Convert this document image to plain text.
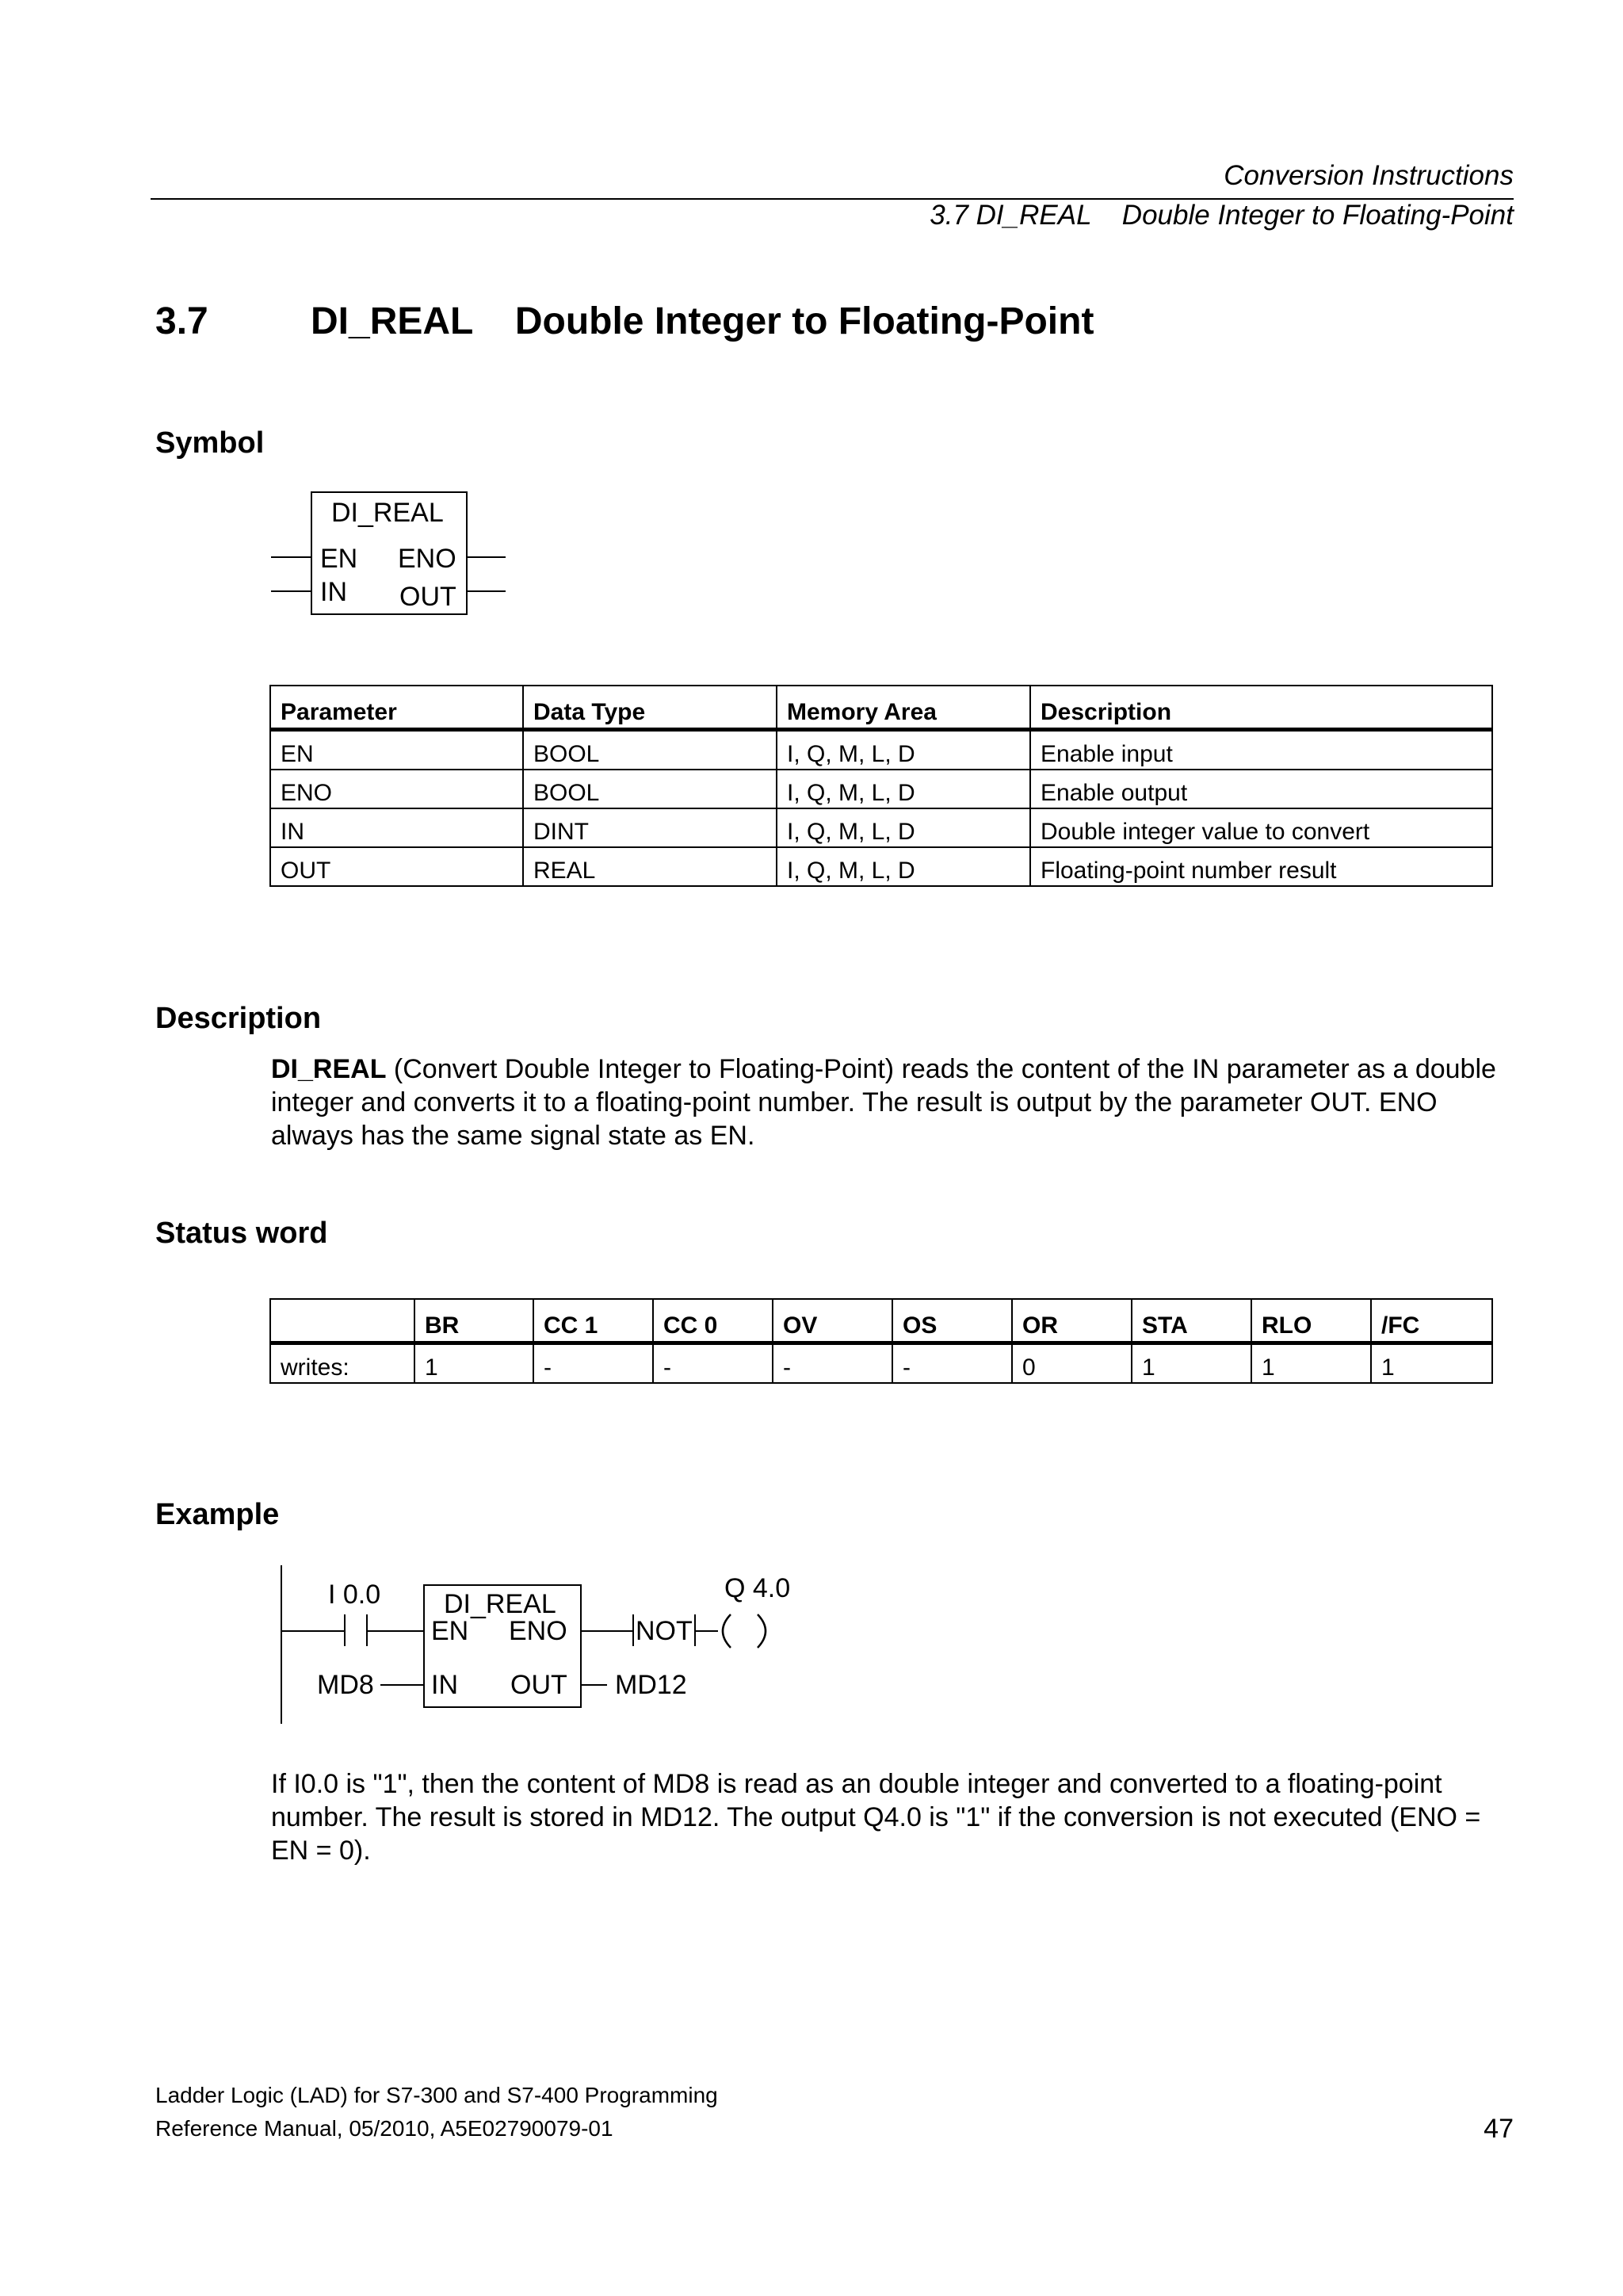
Conversion Instructions
3.7 DI_REAL    Double Integer to Floating-Point
3.7	DI_REAL    Double Integer to Floating-Point
Symbol
DI_REAL
EN ENO
IN OUT
Parameter	Data Type	Memory Area	Description
EN	BOOL	I, Q, M, L, D	Enable input
ENO	BOOL	I, Q, M, L, D	Enable output
IN	DINT	I, Q, M, L, D	Double integer value to convert
OUT	REAL	I, Q, M, L, D	Floating-point number result
Description
DI_REAL (Convert Double Integer to Floating-Point) reads the content of the IN parameter as a double integer and converts it to a floating-point number. The result is output by the parameter OUT. ENO always has the same signal state as EN.
Status word
	BR	CC 1	CC 0	OV	OS	OR	STA	RLO	/FC
writes:	1	-	-	-	-	0	1	1	1
Example
I 0.0
MD8
DI_REAL
EN ENO
IN OUT
NOT
Q 4.0
MD12
If I0.0 is "1", then the content of MD8 is read as an double integer and converted to a floating-point number. The result is stored in MD12. The output Q4.0 is "1" if the conversion is not executed (ENO = EN = 0).
Ladder Logic (LAD) for S7-300 and S7-400 Programming
Reference Manual, 05/2010, A5E02790079-01	47
